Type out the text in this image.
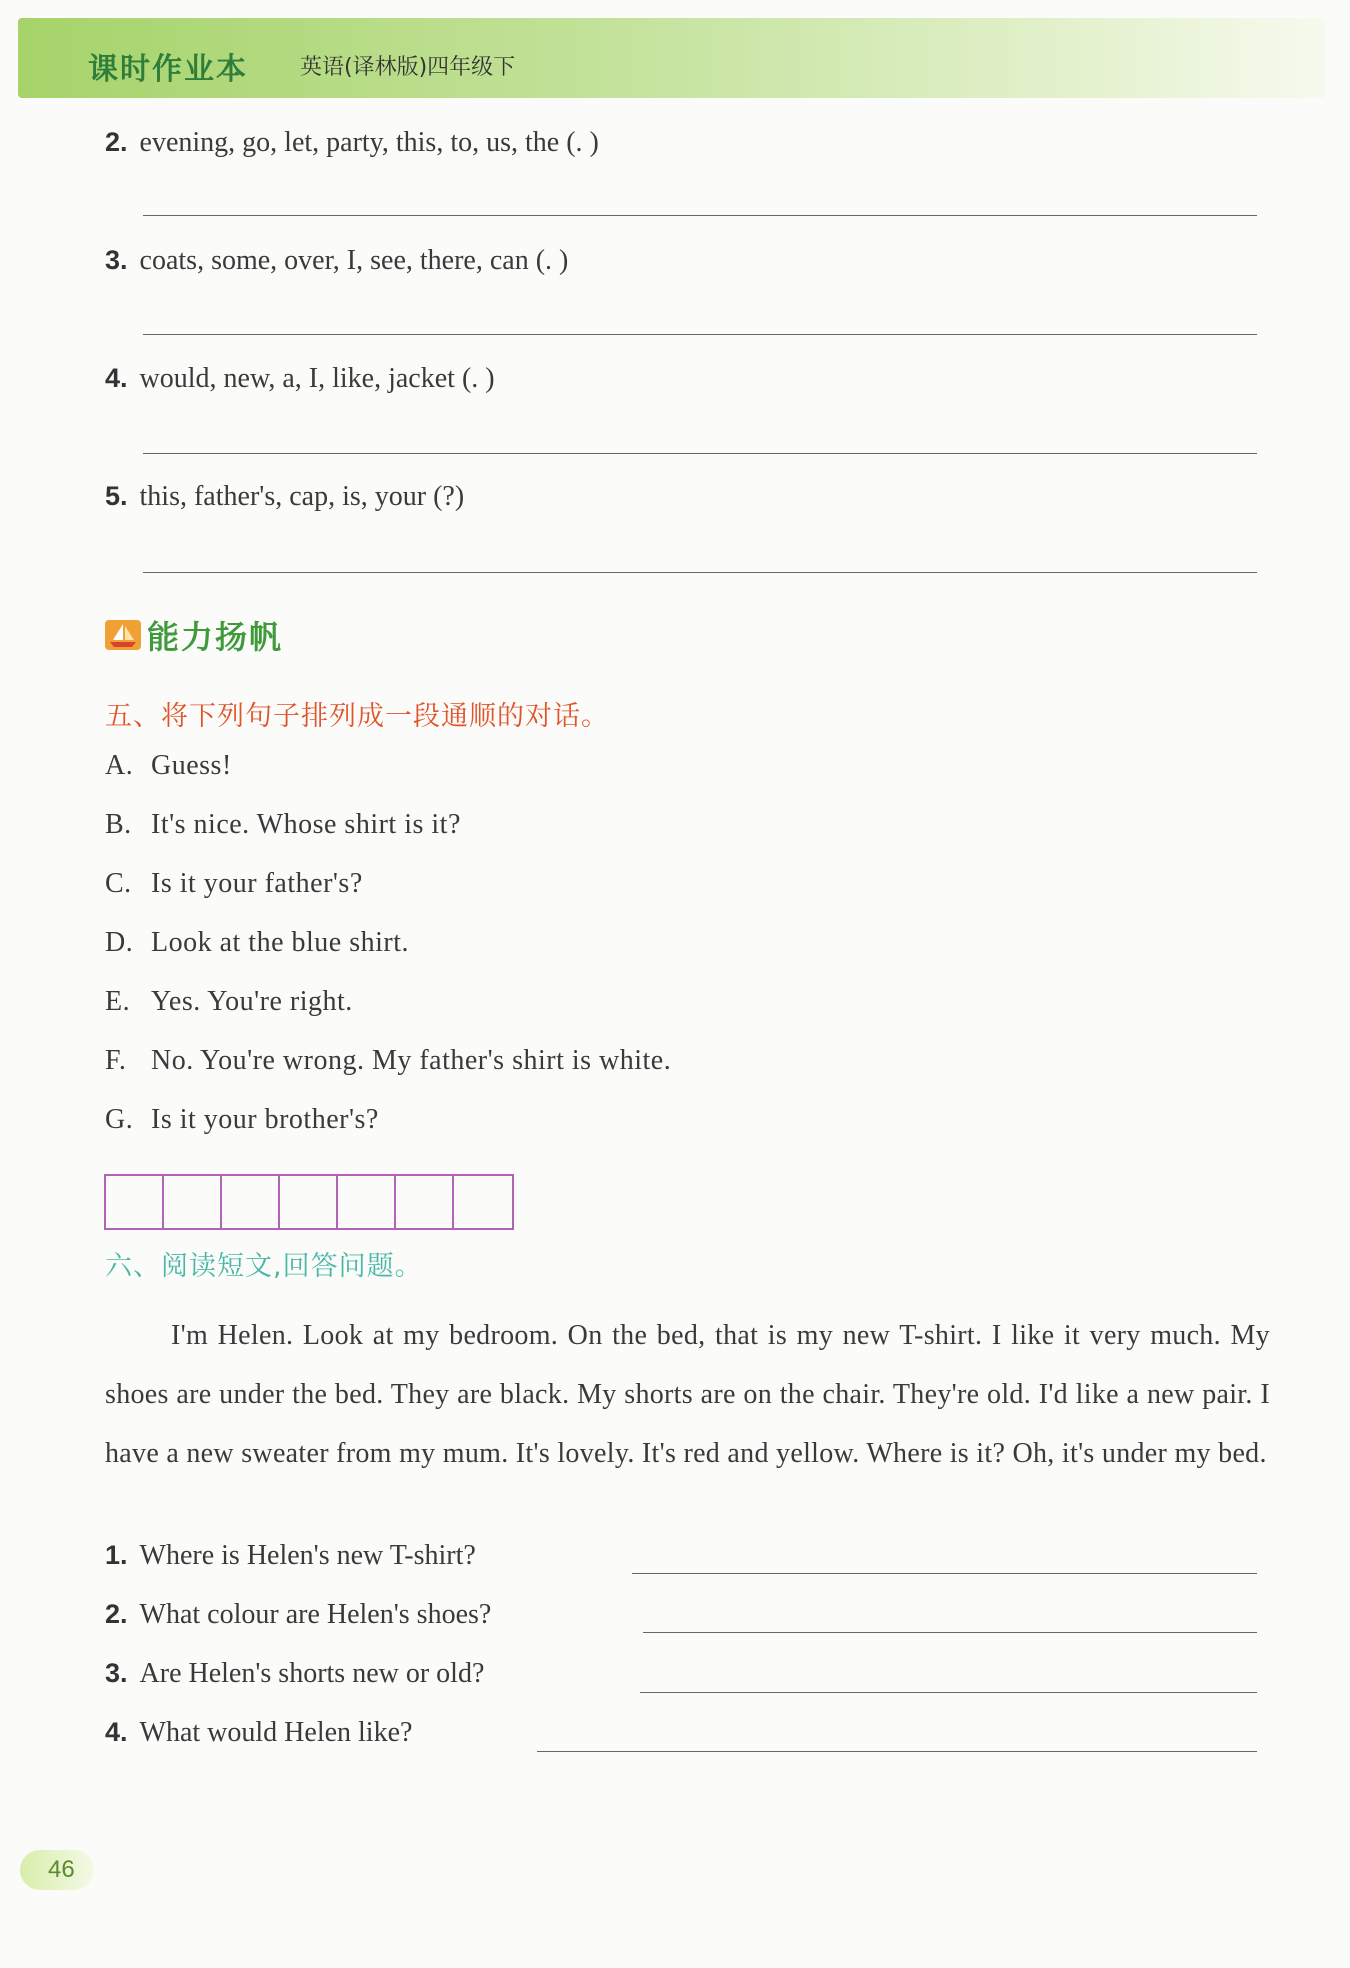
课时作业本 英语(译林版)四年级下
2. evening, go, let, party, this, to, us, the (. )
3. coats, some, over, I, see, there, can (. )
4. would, new, a, I, like, jacket (. )
5. this, father's, cap, is, your (?)
能力扬帆
五、将下列句子排列成一段通顺的对话。
A. Guess!
B. It's nice. Whose shirt is it?
C. Is it your father's?
D. Look at the blue shirt.
E. Yes. You're right.
F. No. You're wrong. My father's shirt is white.
G. Is it your brother's?
六、阅读短文,回答问题。
I'm Helen. Look at my bedroom. On the bed, that is my new T-shirt. I like it very much. My shoes are under the bed. They are black. My shorts are on the chair. They're old. I'd like a new pair. I have a new sweater from my mum. It's lovely. It's red and yellow. Where is it? Oh, it's under my bed.
1. Where is Helen's new T-shirt?
2. What colour are Helen's shoes?
3. Are Helen's shorts new or old?
4. What would Helen like?
46
